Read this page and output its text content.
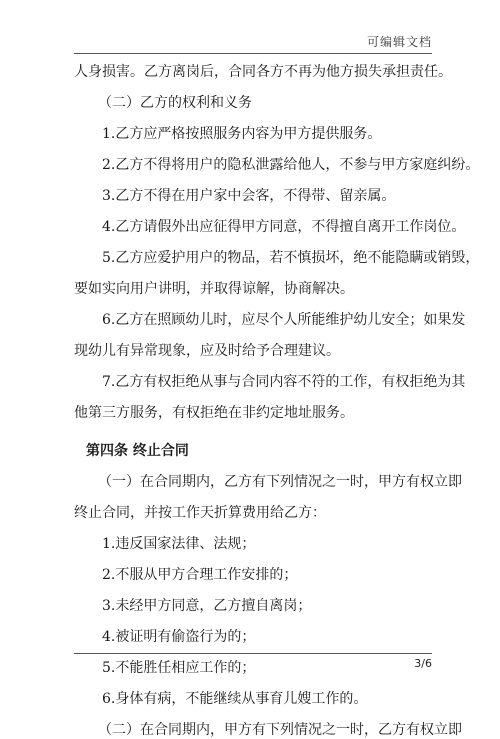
可编辑文档

人身损害。乙方离岗后，合同各方不再为他方损失承担责任。

（二）乙方的权利和义务

1.乙方应严格按照服务内容为甲方提供服务。

2.乙方不得将用户的隐私泄露给他人，不参与甲方家庭纠纷。

3.乙方不得在用户家中会客，不得带、留亲属。

4.乙方请假外出应征得甲方同意，不得擅自离开工作岗位。

5.乙方应爱护用户的物品，若不慎损坏，绝不能隐瞒或销毁，

要如实向用户讲明，并取得谅解，协商解决。

6.乙方在照顾幼儿时，应尽个人所能维护幼儿安全；如果发

现幼儿有异常现象，应及时给予合理建议。

7.乙方有权拒绝从事与合同内容不符的工作，有权拒绝为其

他第三方服务，有权拒绝在非约定地址服务。

第四条 终止合同

（一）在合同期内，乙方有下列情况之一时，甲方有权立即

终止合同，并按工作天折算费用给乙方：

1.违反国家法律、法规；

2.不服从甲方合理工作安排的；

3.未经甲方同意，乙方擅自离岗；

4.被证明有偷盗行为的；

5.不能胜任相应工作的；

6.身体有病，不能继续从事育儿嫂工作的。

（二）在合同期内，甲方有下列情况之一时，乙方有权立即

3/6
